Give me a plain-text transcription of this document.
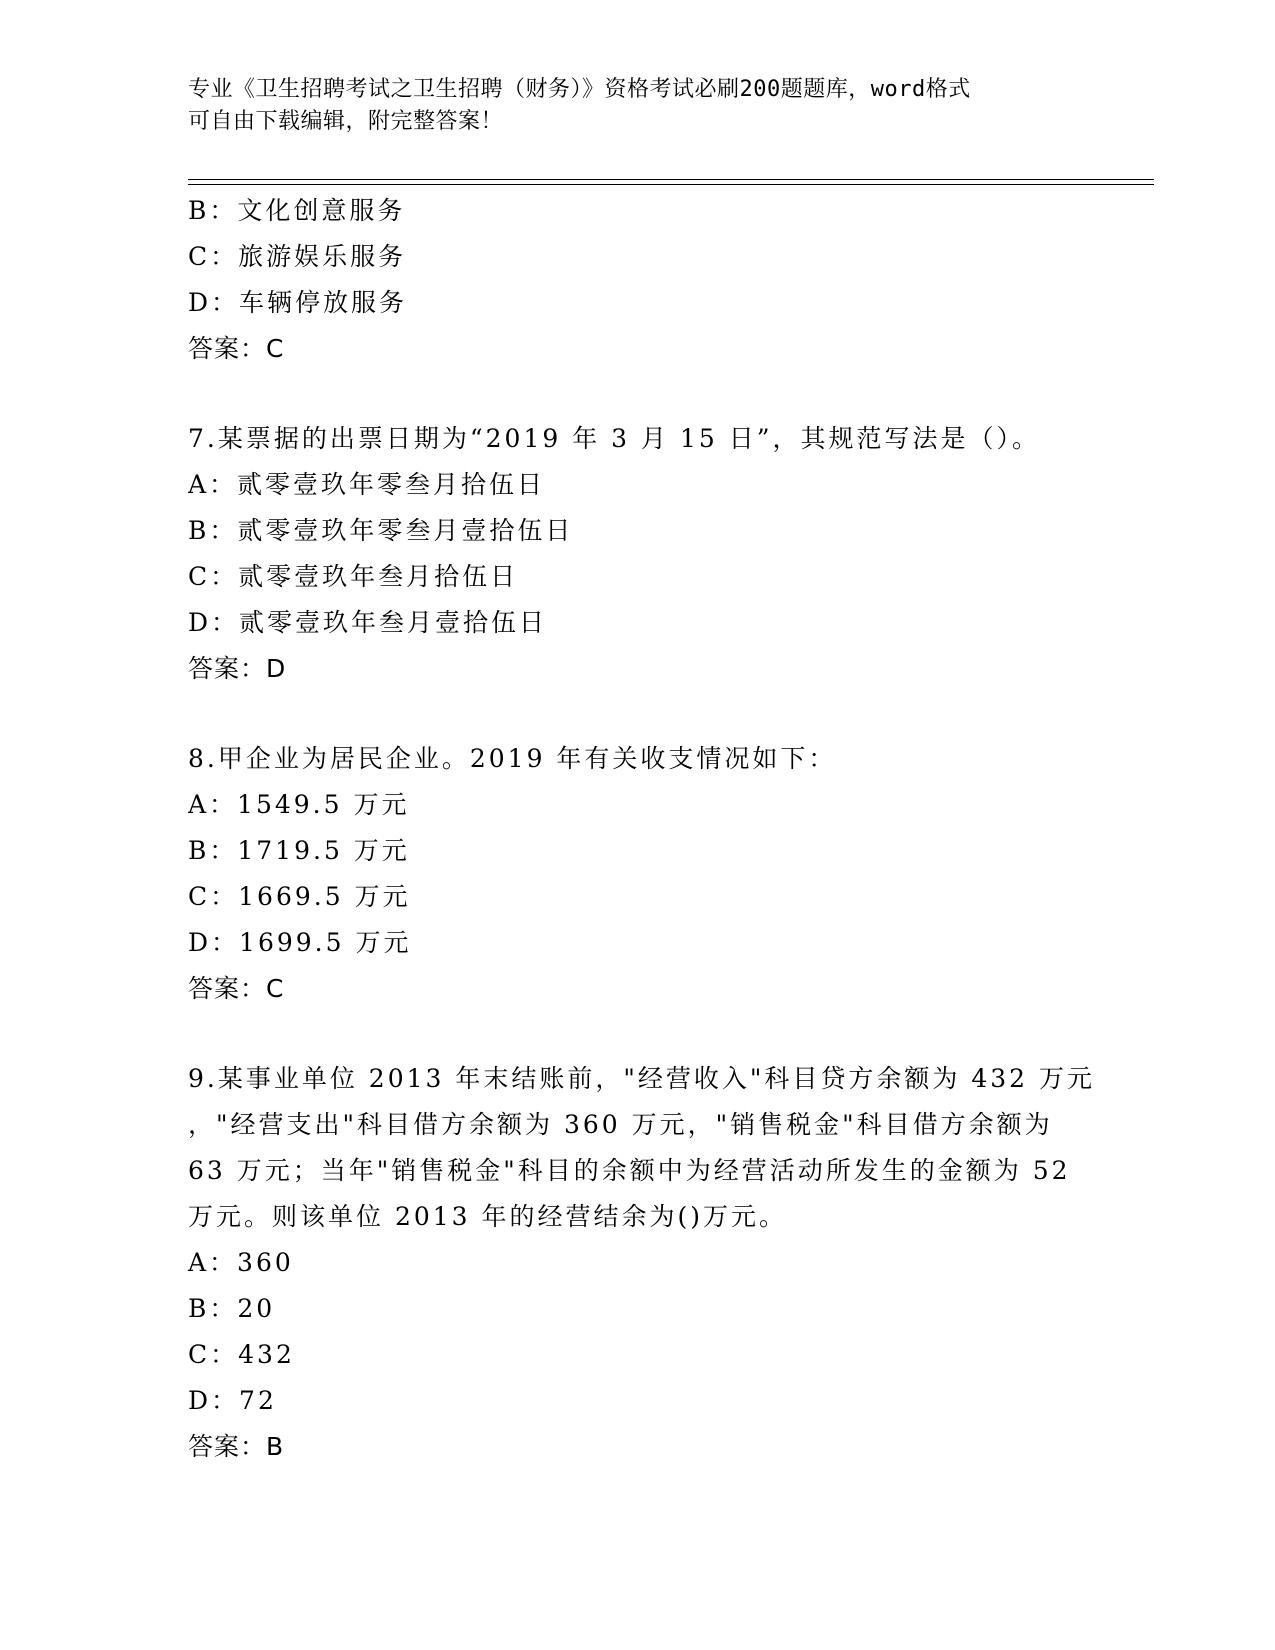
专业《卫生招聘考试之卫生招聘（财务）》资格考试必刷200题题库，word格式
可自由下载编辑，附完整答案！
B：文化创意服务
C：旅游娱乐服务
D：车辆停放服务
答案：C
7.某票据的出票日期为“2019 年 3 月 15 日”，其规范写法是（）。
A：贰零壹玖年零叁月拾伍日
B：贰零壹玖年零叁月壹拾伍日
C：贰零壹玖年叁月拾伍日
D：贰零壹玖年叁月壹拾伍日
答案：D
8.甲企业为居民企业。2019 年有关收支情况如下：
A：1549.5 万元
B：1719.5 万元
C：1669.5 万元
D：1699.5 万元
答案：C
9.某事业单位 2013 年末结账前，"经营收入"科目贷方余额为 432 万元
，"经营支出"科目借方余额为 360 万元，"销售税金"科目借方余额为
63 万元；当年"销售税金"科目的余额中为经营活动所发生的金额为 52
万元。则该单位 2013 年的经营结余为()万元。
A：360
B：20
C：432
D：72
答案：B
